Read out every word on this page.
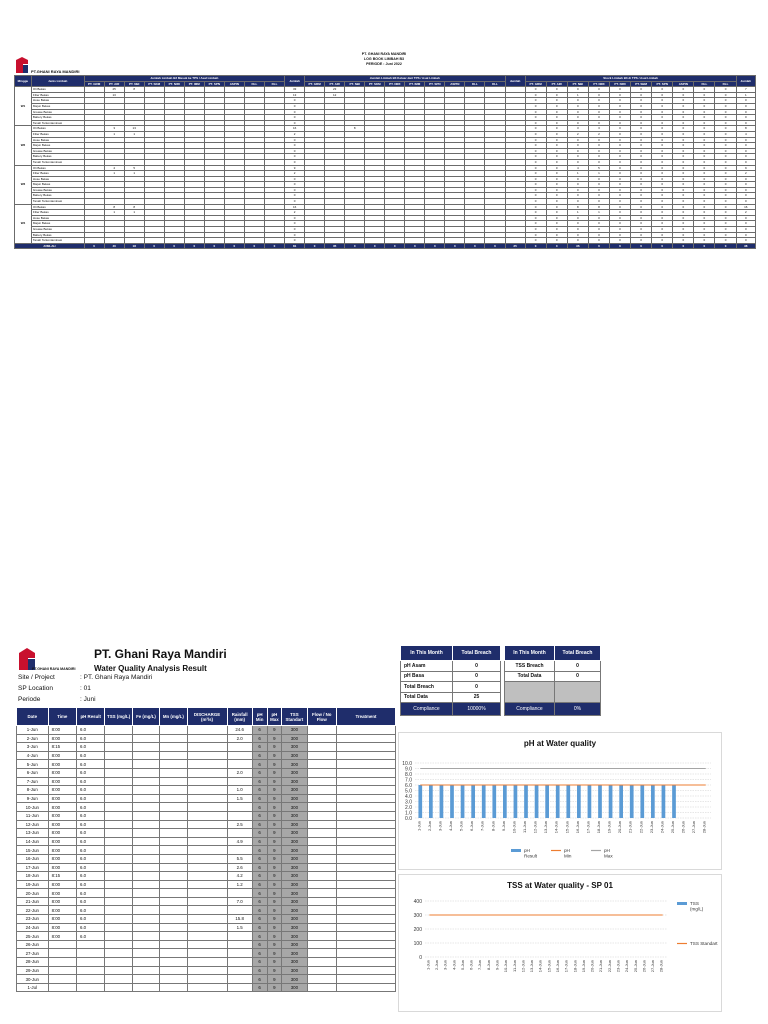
PT.GHANI RAYA MANDIRI
PT. GHANI RAYA MANDIRI
LOG BOOK LIMBAH B3
PERIODE : Juni 2022
Minggu	Jenis Limbah	Jumlah Limbah B3 Masuk ke TPS / Asal Limbah										Jumlah	Jumlah Limbah B3 Keluar dari TPS / Asal Limbah										Jumlah	Stock Limbah B3 di TPS / Asal Limbah										Jumlah
		PT. GRM	PT. AIR	PT. NBI	PT. SKM	PT. NIRI	PT. IMM	PT. SPN	ASPIN	DLL	DLL		PT. GRM	PT. AIR	PT. NBI	PT. SKM	PT. NIRI	PT. IMM	PT. SPN	ASPIN	DLL	DLL		PT. GRM	PT. AIR	PT. NBI	PT. NIRI	PT. NIRI	PT. SBM	PT. SPN	ASPIN	DLL	DLL	
W1	Oli Bekas		25	8								33		23										0	0	0	0	0	0	0	0	0	0	7
	Filter Bekas		13									13		12										0	0	1	0	0	0	0	0	0	0	1
	Hose Bekas											0												0	0	0	0	0	0	0	0	0	0	0
	Majun Bekas											0												0	0	0	0	0	0	0	0	0	0	0
	Grease Bekas											0												0	0	0	0	0	0	0	0	0	0	0
	Battery Bekas											0												0	0	0	0	0	0	0	0	0	0	0
	Tanah Terkontaminasi											0												0	0	0	0	0	0	0	0	0	0	0
W2	Oli Bekas		3	13								16			8									0	0	3	3	0	0	0	0	0	0	8
	Filter Bekas		1	1								2												0	0	2	2	0	0	0	0	0	0	4
	Hose Bekas											0												0	0	0	0	0	0	0	0	0	0	0
	Majun Bekas											0												0	0	0	0	0	0	0	0	0	0	0
	Grease Bekas											0												0	0	0	0	0	0	0	0	0	0	0
	Battery Bekas											0												0	0	0	0	0	0	0	0	0	0	0
	Tanah Terkontaminasi											0												0	0	0	0	0	0	0	0	0	0	0
W3	Oli Bekas		4	5								9												0	0	4	5	0	0	0	0	0	0	9
	Filter Bekas		1	1								2												0	0	1	1	0	0	0	0	0	0	2
	Hose Bekas											0												0	0	0	0	0	0	0	0	0	0	0
	Majun Bekas											0												0	0	0	0	0	0	0	0	0	0	0
	Grease Bekas											0												0	0	0	0	0	0	0	0	0	0	0
	Battery Bekas											0												0	0	0	0	0	0	0	0	0	0	0
	Tanah Terkontaminasi											0												0	0	0	0	0	0	0	0	0	0	0
W4	Oli Bekas		8	8								16												0	0	8	8	0	0	0	0	0	0	16
	Filter Bekas		1	1								2												0	0	1	1	0	0	0	0	0	0	2
	Hose Bekas											0												0	0	0	0	0	0	0	0	0	0	0
	Majun Bekas											0												0	0	0	0	0	0	0	0	0	0	0
	Grease Bekas											0												0	0	0	0	0	0	0	0	0	0	0
	Battery Bekas											0												0	0	0	0	0	0	0	0	0	0	0
	Tanah Terkontaminasi											0												0	0	0	0	0	0	0	0	0	0	0
JUMLAH		0	40	18	0	0	0	0	0	0	0	81	0	35	0	0	0	0	0	0	0	0	35	0	0	36	0	0	0	0	0	0	0	38
PT.GHANI RAYA MANDIRI
PT. Ghani Raya Mandiri
Water Quality Analysis Result
Site / Project	: PT. Ghani Raya Mandiri
SP Location	: 01
Periode	: Juni
Date	Time	pH Result	TSS (mg/L)	Fe (mg/L)	Mn (mg/L)	DISCHARGE (m³/s)	Rainfall (mm)	pH Min	pH Max	TSS Standart	Flow / No Flow	Treatment
1-Jun	8:00	6.0					24.6	6	9	300		
2-Jun	8:00	6.0					2.0	6	9	300		
3-Jun	8:15	6.0						6	9	300		
4-Jun	8:00	6.0						6	9	300		
5-Jun	8:00	6.0						6	9	300		
6-Jun	8:00	6.0					2.0	6	9	300		
7-Jun	8:00	6.0						6	9	300		
8-Jun	8:00	6.0					1.0	6	9	300		
9-Jun	8:00	6.0					1.5	6	9	300		
10-Jun	8:00	6.0						6	9	300		
11-Jun	8:00	6.0						6	9	300		
12-Jun	8:00	6.0					2.5	6	9	300		
13-Jun	8:00	6.0						6	9	300		
14-Jun	8:00	6.0					4.9	6	9	300		
15-Jun	8:00	6.0						6	9	300		
16-Jun	8:00	6.0					5.5	6	9	300		
17-Jun	8:00	6.0					2.6	6	9	300		
18-Jun	8:15	6.0					4.2	6	9	300		
19-Jun	8:00	6.0					1.2	6	9	300		
20-Jun	8:00	6.0						6	9	300		
21-Jun	8:00	6.0					7.0	6	9	300		
22-Jun	8:00	6.0						6	9	300		
23-Jun	8:00	6.0					15.8	6	9	300		
24-Jun	8:00	6.0					1.5	6	9	300		
25-Jun	8:00	6.0						6	9	300		
26-Jun								6	9	300		
27-Jun								6	9	300		
28-Jun								6	9	300		
29-Jun								6	9	300		
30-Jun								6	9	300		
1-Jul								6	9	300		
In This Month	Total Breach
pH Asam	0
pH Basa	0
Total Breach	0
Total Data	25
Compliance	10000%
In This Month	Total Breach
TSS Breach	0
Total Data	0

Compliance	0%
pH at Water quality
0.0
1.0
2.0
3.0
4.0
5.0
6.0
7.0
8.0
9.0
10.0
1-Jun 2-Jun 3-Jun 4-Jun 5-Jun 6-Jun 7-Jun 8-Jun 9-Jun 10-Jun 11-Jun 12-Jun 13-Jun 14-Jun 15-Jun 16-Jun 17-Jun 18-Jun 19-Jun 20-Jun 21-Jun 22-Jun 23-Jun 24-Jun 25-Jun 26-Jun 27-Jun 28-Jun
pH
Result
pH
Min
pH
Max
TSS at Water quality - SP 01
0
100
200
300
400
1-Jun 2-Jun 3-Jun 4-Jun 5-Jun 6-Jun 7-Jun 8-Jun 9-Jun 10-Jun 11-Jun 12-Jun 13-Jun 14-Jun 15-Jun 16-Jun 17-Jun 18-Jun 19-Jun 20-Jun 21-Jun 22-Jun 23-Jun 24-Jun 25-Jun 26-Jun 27-Jun 28-Jun
TSS
(mg/L)
TSS Standart
